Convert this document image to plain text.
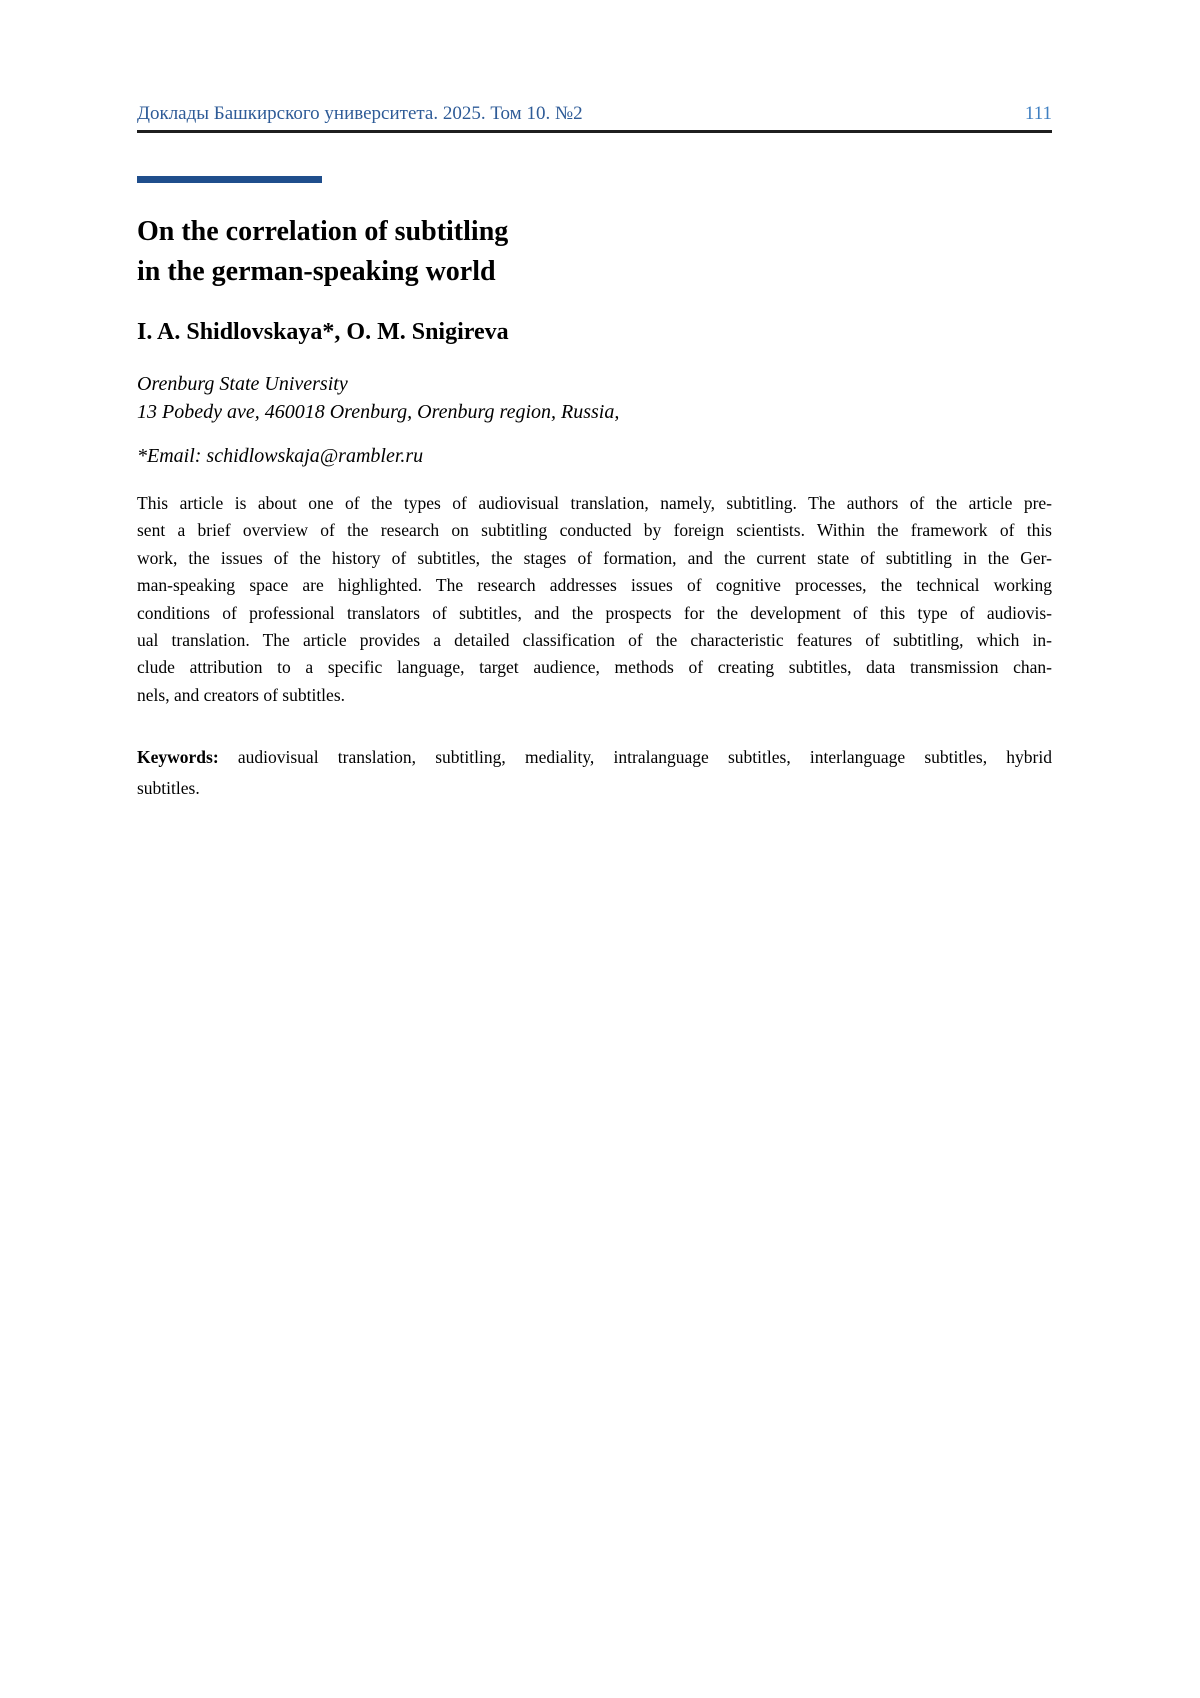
Доклады Башкирского университета. 2025. Том 10. №2	111
On the correlation of subtitling
in the german-speaking world
I. A. Shidlovskaya*, O. M. Snigireva
Orenburg State University
13 Pobedy ave, 460018 Orenburg, Orenburg region, Russia,
*Email: schidlowskaja@rambler.ru
This article is about one of the types of audiovisual translation, namely, subtitling. The authors of the article pre-
sent a brief overview of the research on subtitling conducted by foreign scientists. Within the framework of this
work, the issues of the history of subtitles, the stages of formation, and the current state of subtitling in the Ger-
man-speaking space are highlighted. The research addresses issues of cognitive processes, the technical working
conditions of professional translators of subtitles, and the prospects for the development of this type of audiovis-
ual translation. The article provides a detailed classification of the characteristic features of subtitling, which in-
clude attribution to a specific language, target audience, methods of creating subtitles, data transmission chan-
nels, and creators of subtitles.
Keywords: audiovisual translation, subtitling, mediality, intralanguage subtitles, interlanguage subtitles, hybrid
subtitles.
